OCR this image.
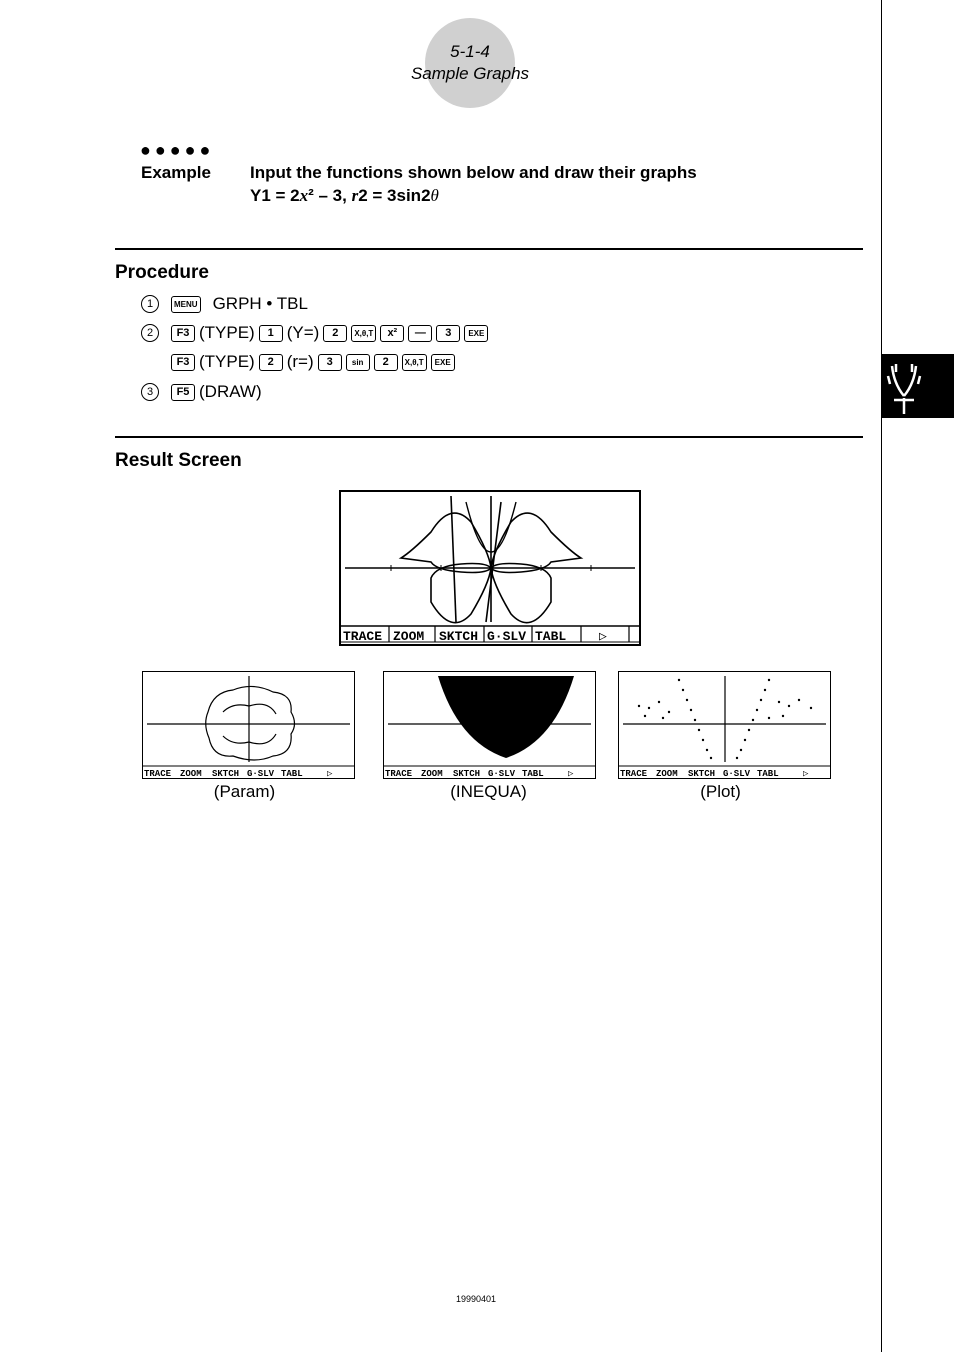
5-1-4
Sample Graphs
●●●●●
Example Input the functions shown below and draw their graphs
Y1 = 2x² – 3, r2 = 3sin2θ
Procedure
1	MENU GRPH • TBL
2	F3 (TYPE)	1 (Y=)	2	X,θ,T	x²	—	3	EXE
F3 (TYPE)	2 (r=)	3	sin	2	X,θ,T	EXE
3	F5 (DRAW)
Result Screen
TRACE ZOOM SKTCH G·SLV TABL	▷
TRACE ZOOM SKTCH G·SLV TABL	▷
(Param)
TRACE ZOOM SKTCH G·SLV TABL	▷
(INEQUA)
TRACE ZOOM SKTCH G·SLV TABL	▷
(Plot)
19990401
